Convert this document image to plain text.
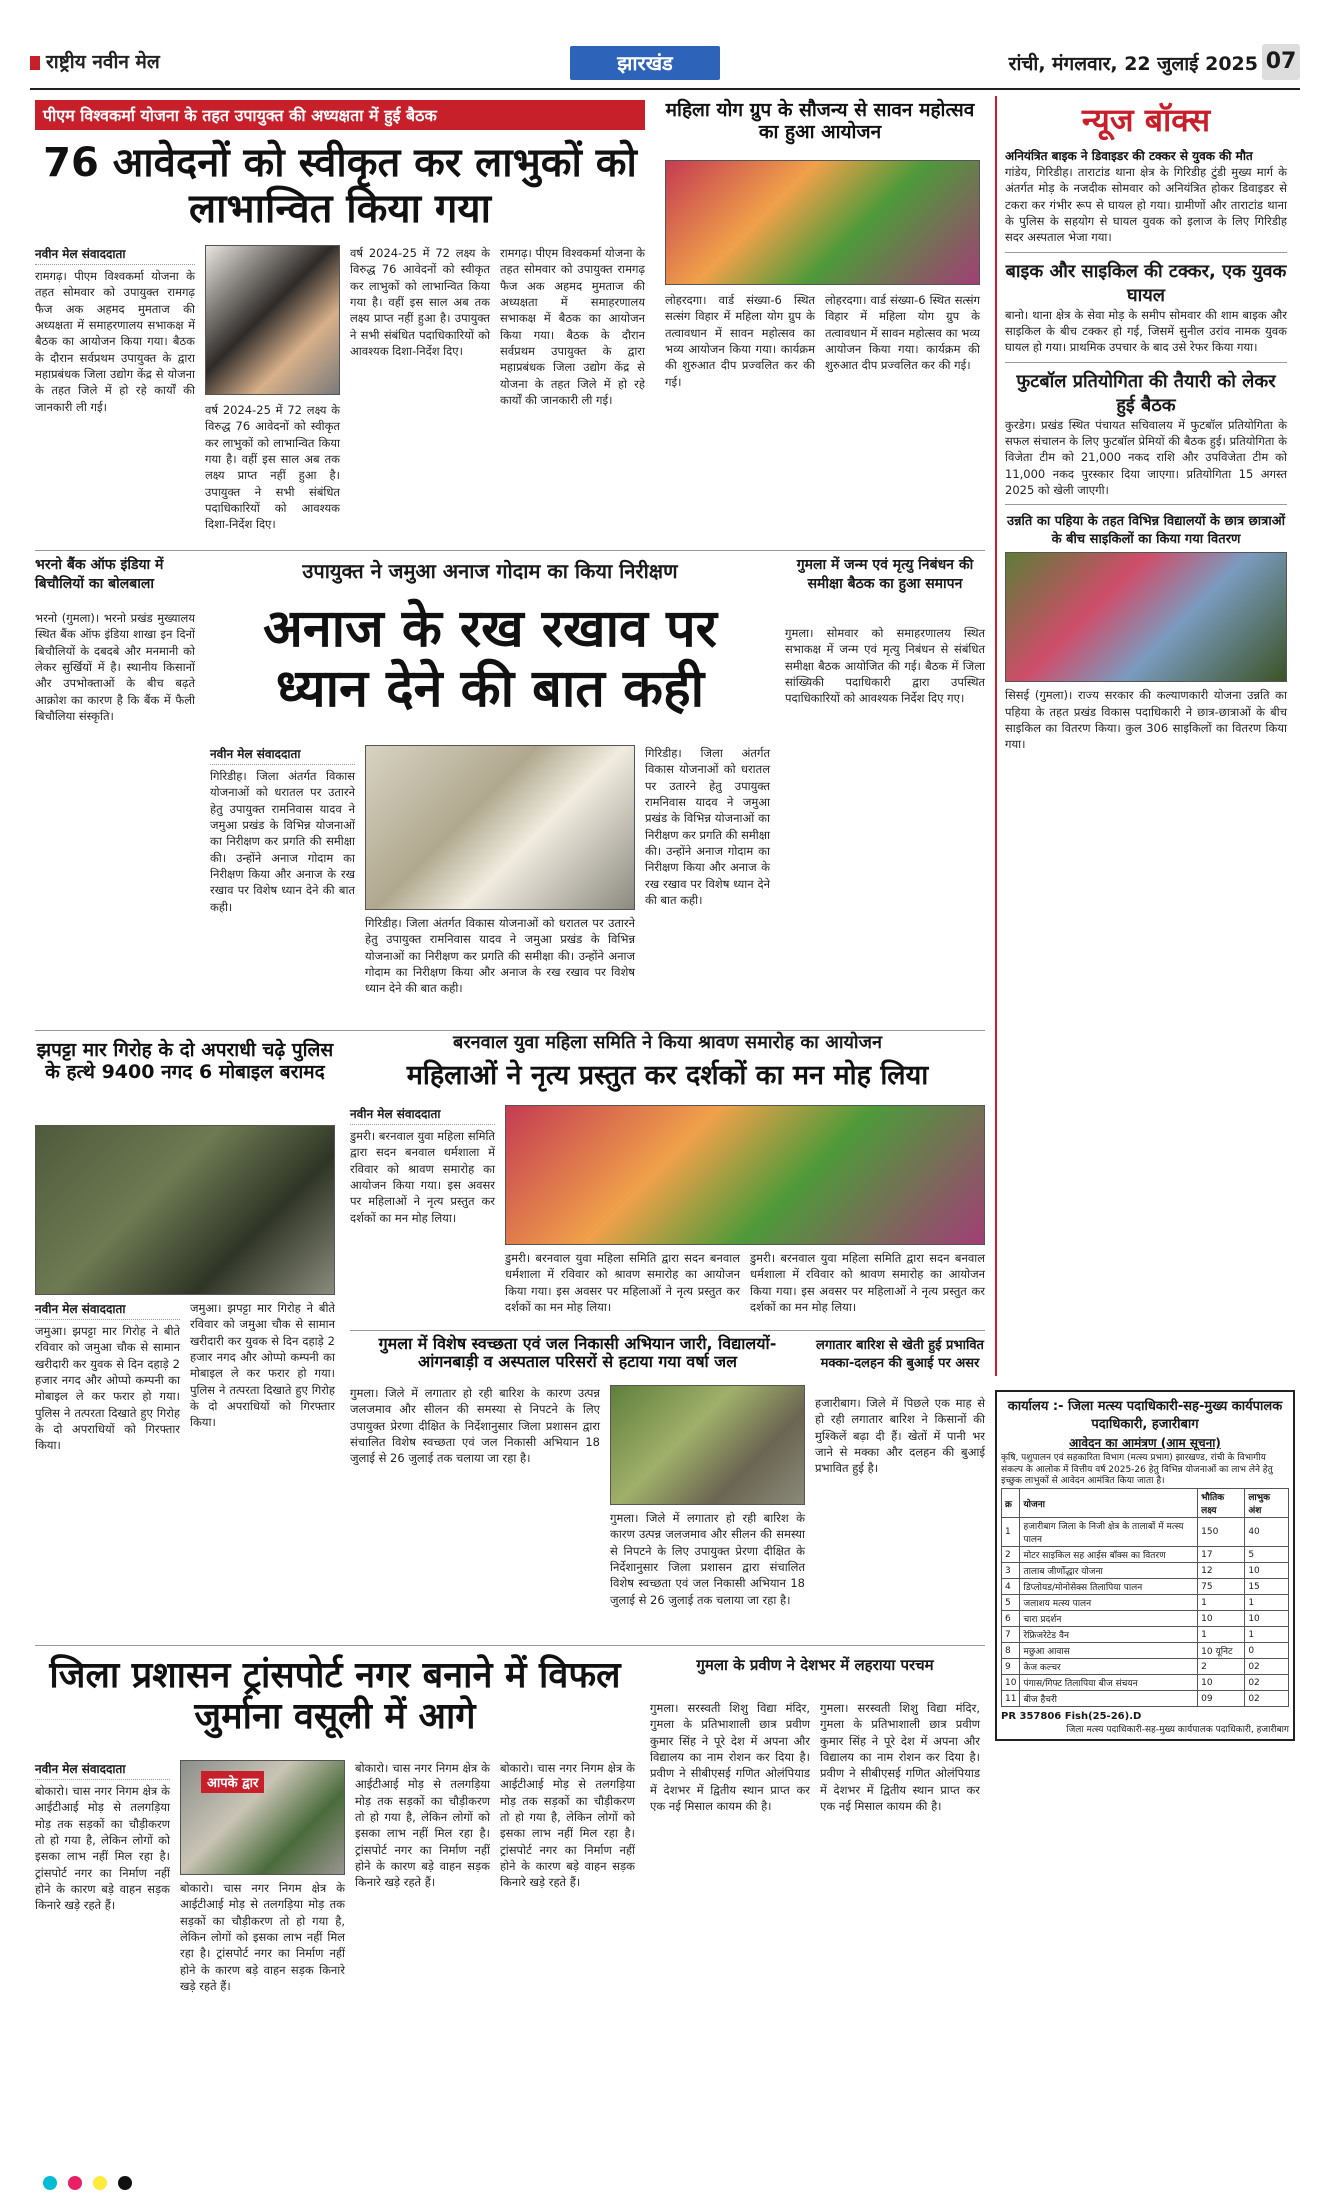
राष्ट्रीय नवीन मेल	झारखंड	रांची, मंगलवार, 22 जुलाई 2025 07
पीएम विश्वकर्मा योजना के तहत उपायुक्त की अध्यक्षता में हुई बैठक
76 आवेदनों को स्वीकृत कर लाभुकों को लाभान्वित किया गया
नवीन मेल संवाददाता
रामगढ़। पीएम विश्वकर्मा योजना के तहत सोमवार को उपायुक्त रामगढ़ फैज अक अहमद मुमताज की अध्यक्षता में समाहरणालय सभाकक्ष में बैठक का आयोजन किया गया। बैठक के दौरान सर्वप्रथम उपायुक्त के द्वारा महाप्रबंधक जिला उद्योग केंद्र से योजना के तहत जिले में हो रहे कार्यों की जानकारी ली गई।	वर्ष 2024-25 में 72 लक्ष्य के विरुद्ध 76 आवेदनों को स्वीकृत कर लाभुकों को लाभान्वित किया गया है। वहीं इस साल अब तक लक्ष्य प्राप्त नहीं हुआ है। उपायुक्त ने सभी संबंधित पदाधिकारियों को आवश्यक दिशा-निर्देश दिए।
वर्ष 2024-25 में 72 लक्ष्य के विरुद्ध 76 आवेदनों को स्वीकृत कर लाभुकों को लाभान्वित किया गया है। वहीं इस साल अब तक लक्ष्य प्राप्त नहीं हुआ है। उपायुक्त ने सभी संबंधित पदाधिकारियों को आवश्यक दिशा-निर्देश दिए।
रामगढ़। पीएम विश्वकर्मा योजना के तहत सोमवार को उपायुक्त रामगढ़ फैज अक अहमद मुमताज की अध्यक्षता में समाहरणालय सभाकक्ष में बैठक का आयोजन किया गया। बैठक के दौरान सर्वप्रथम उपायुक्त के द्वारा महाप्रबंधक जिला उद्योग केंद्र से योजना के तहत जिले में हो रहे कार्यों की जानकारी ली गई।
महिला योग ग्रुप के सौजन्य से सावन महोत्सव का हुआ आयोजन
लोहरदगा। वार्ड संख्या-6 स्थित सत्संग विहार में महिला योग ग्रुप के तत्वावधान में सावन महोत्सव का भव्य आयोजन किया गया। कार्यक्रम की शुरुआत दीप प्रज्वलित कर की गई।
लोहरदगा। वार्ड संख्या-6 स्थित सत्संग विहार में महिला योग ग्रुप के तत्वावधान में सावन महोत्सव का भव्य आयोजन किया गया। कार्यक्रम की शुरुआत दीप प्रज्वलित कर की गई।
न्यूज बॉक्स
अनियंत्रित बाइक ने डिवाइडर की टक्कर से युवक की मौत
गांडेय, गिरिडीह। ताराटांड थाना क्षेत्र के गिरिडीह टुंडी मुख्य मार्ग के अंतर्गत मोड़ के नजदीक सोमवार को अनियंत्रित होकर डिवाइडर से टकरा कर गंभीर रूप से घायल हो गया। ग्रामीणों और ताराटांड थाना के पुलिस के सहयोग से घायल युवक को इलाज के लिए गिरिडीह सदर अस्पताल भेजा गया।
बाइक और साइकिल की टक्कर, एक युवक घायल
बानो। थाना क्षेत्र के सेवा मोड़ के समीप सोमवार की शाम बाइक और साइकिल के बीच टक्कर हो गई, जिसमें सुनील उरांव नामक युवक घायल हो गया। प्राथमिक उपचार के बाद उसे रेफर किया गया।
फुटबॉल प्रतियोगिता की तैयारी को लेकर हुई बैठक
कुरडेग। प्रखंड स्थित पंचायत सचिवालय में फुटबॉल प्रतियोगिता के सफल संचालन के लिए फुटबॉल प्रेमियों की बैठक हुई। प्रतियोगिता के विजेता टीम को 21,000 नकद राशि और उपविजेता टीम को 11,000 नकद पुरस्कार दिया जाएगा। प्रतियोगिता 15 अगस्त 2025 को खेली जाएगी।
उन्नति का पहिया के तहत विभिन्न विद्यालयों के छात्र छात्राओं के बीच साइकिलों का किया गया वितरण
सिसई (गुमला)। राज्य सरकार की कल्याणकारी योजना उन्नति का पहिया के तहत प्रखंड विकास पदाधिकारी ने छात्र-छात्राओं के बीच साइकिल का वितरण किया। कुल 306 साइकिलों का वितरण किया गया।
भरनो बैंक ऑफ इंडिया में बिचौलियों का बोलबाला
भरनो (गुमला)। भरनो प्रखंड मुख्यालय स्थित बैंक ऑफ इंडिया शाखा इन दिनों बिचौलियों के दबदबे और मनमानी को लेकर सुर्खियों में है। स्थानीय किसानों और उपभोक्ताओं के बीच बढ़ते आक्रोश का कारण है कि बैंक में फैली बिचौलिया संस्कृति।
उपायुक्त ने जमुआ अनाज गोदाम का किया निरीक्षण
अनाज के रख रखाव पर ध्यान देने की बात कही
नवीन मेल संवाददाता
गिरिडीह। जिला अंतर्गत विकास योजनाओं को धरातल पर उतारने हेतु उपायुक्त रामनिवास यादव ने जमुआ प्रखंड के विभिन्न योजनाओं का निरीक्षण कर प्रगति की समीक्षा की। उन्होंने अनाज गोदाम का निरीक्षण किया और अनाज के रख रखाव पर विशेष ध्यान देने की बात कही।
गिरिडीह। जिला अंतर्गत विकास योजनाओं को धरातल पर उतारने हेतु उपायुक्त रामनिवास यादव ने जमुआ प्रखंड के विभिन्न योजनाओं का निरीक्षण कर प्रगति की समीक्षा की। उन्होंने अनाज गोदाम का निरीक्षण किया और अनाज के रख रखाव पर विशेष ध्यान देने की बात कही।
गिरिडीह। जिला अंतर्गत विकास योजनाओं को धरातल पर उतारने हेतु उपायुक्त रामनिवास यादव ने जमुआ प्रखंड के विभिन्न योजनाओं का निरीक्षण कर प्रगति की समीक्षा की। उन्होंने अनाज गोदाम का निरीक्षण किया और अनाज के रख रखाव पर विशेष ध्यान देने की बात कही।
गुमला में जन्म एवं मृत्यु निबंधन की समीक्षा बैठक का हुआ समापन
गुमला। सोमवार को समाहरणालय स्थित सभाकक्ष में जन्म एवं मृत्यु निबंधन से संबंधित समीक्षा बैठक आयोजित की गई। बैठक में जिला सांख्यिकी पदाधिकारी द्वारा उपस्थित पदाधिकारियों को आवश्यक निर्देश दिए गए।
झपट्टा मार गिरोह के दो अपराधी चढ़े पुलिस के हत्थे 9400 नगद 6 मोबाइल बरामद
नवीन मेल संवाददाता
जमुआ। झपट्टा मार गिरोह ने बीते रविवार को जमुआ चौक से सामान खरीदारी कर युवक से दिन दहाड़े 2 हजार नगद और ओप्पो कम्पनी का मोबाइल ले कर फरार हो गया। पुलिस ने तत्परता दिखाते हुए गिरोह के दो अपराधियों को गिरफ्तार किया।
जमुआ। झपट्टा मार गिरोह ने बीते रविवार को जमुआ चौक से सामान खरीदारी कर युवक से दिन दहाड़े 2 हजार नगद और ओप्पो कम्पनी का मोबाइल ले कर फरार हो गया। पुलिस ने तत्परता दिखाते हुए गिरोह के दो अपराधियों को गिरफ्तार किया।
बरनवाल युवा महिला समिति ने किया श्रावण समारोह का आयोजन
महिलाओं ने नृत्य प्रस्तुत कर दर्शकों का मन मोह लिया
नवीन मेल संवाददाता
डुमरी। बरनवाल युवा महिला समिति द्वारा सदन बनवाल धर्मशाला में रविवार को श्रावण समारोह का आयोजन किया गया। इस अवसर पर महिलाओं ने नृत्य प्रस्तुत कर दर्शकों का मन मोह लिया।
डुमरी। बरनवाल युवा महिला समिति द्वारा सदन बनवाल धर्मशाला में रविवार को श्रावण समारोह का आयोजन किया गया। इस अवसर पर महिलाओं ने नृत्य प्रस्तुत कर दर्शकों का मन मोह लिया।
डुमरी। बरनवाल युवा महिला समिति द्वारा सदन बनवाल धर्मशाला में रविवार को श्रावण समारोह का आयोजन किया गया। इस अवसर पर महिलाओं ने नृत्य प्रस्तुत कर दर्शकों का मन मोह लिया।
गुमला में विशेष स्वच्छता एवं जल निकासी अभियान जारी, विद्यालयों-आंगनबाड़ी व अस्पताल परिसरों से हटाया गया वर्षा जल
गुमला। जिले में लगातार हो रही बारिश के कारण उत्पन्न जलजमाव और सीलन की समस्या से निपटने के लिए उपायुक्त प्रेरणा दीक्षित के निर्देशानुसार जिला प्रशासन द्वारा संचालित विशेष स्वच्छता एवं जल निकासी अभियान 18 जुलाई से 26 जुलाई तक चलाया जा रहा है।
गुमला। जिले में लगातार हो रही बारिश के कारण उत्पन्न जलजमाव और सीलन की समस्या से निपटने के लिए उपायुक्त प्रेरणा दीक्षित के निर्देशानुसार जिला प्रशासन द्वारा संचालित विशेष स्वच्छता एवं जल निकासी अभियान 18 जुलाई से 26 जुलाई तक चलाया जा रहा है।
लगातार बारिश से खेती हुई प्रभावित मक्का-दलहन की बुआई पर असर
हजारीबाग। जिले में पिछले एक माह से हो रही लगातार बारिश ने किसानों की मुश्किलें बढ़ा दी हैं। खेतों में पानी भर जाने से मक्का और दलहन की बुआई प्रभावित हुई है।
कार्यालय :- जिला मत्स्य पदाधिकारी-सह-मुख्य कार्यपालक पदाधिकारी, हजारीबाग
आवेदन का आमंत्रण (आम सूचना)
कृषि, पशुपालन एवं सहकारिता विभाग (मत्स्य प्रभाग) झारखण्ड, रांची के विभागीय संकल्प के आलोक में वित्तीय वर्ष 2025-26 हेतु विभिन्न योजनाओं का लाभ लेने हेतु इच्छुक लाभुकों से आवेदन आमंत्रित किया जाता है।
क्र	योजना	भौतिक लक्ष्य	लाभुक अंश
1	हजारीबाग जिला के निजी क्षेत्र के तालाबों में मत्स्य पालन	150	40
2	मोटर साइकिल सह आईस बॉक्स का वितरण	17	5
3	तालाब जीर्णोद्धार योजना	12	10
4	डिप्लोयड/मोनोसेक्स तिलापिया पालन	75	15
5	जलाशय मत्स्य पालन	1	1
6	चारा प्रदर्शन	10	10
7	रेफ्रिजरेटेड वैन	1	1
8	मछुआ आवास	10 यूनिट	0
9	केज कल्चर	2	02
10	पंगास/गिफ्ट तिलापिया बीज संचयन	10	02
11	बीज हैचरी	09	02
PR 357806 Fish(25-26).D
जिला मत्स्य पदाधिकारी-सह-मुख्य कार्यपालक पदाधिकारी, हजारीबाग
जिला प्रशासन ट्रांसपोर्ट नगर बनाने में विफल जुर्माना वसूली में आगे
नवीन मेल संवाददाता
बोकारो। चास नगर निगम क्षेत्र के आईटीआई मोड़ से तलगड़िया मोड़ तक सड़कों का चौड़ीकरण तो हो गया है, लेकिन लोगों को इसका लाभ नहीं मिल रहा है। ट्रांसपोर्ट नगर का निर्माण नहीं होने के कारण बड़े वाहन सड़क किनारे खड़े रहते हैं।
आपके द्वार
बोकारो। चास नगर निगम क्षेत्र के आईटीआई मोड़ से तलगड़िया मोड़ तक सड़कों का चौड़ीकरण तो हो गया है, लेकिन लोगों को इसका लाभ नहीं मिल रहा है। ट्रांसपोर्ट नगर का निर्माण नहीं होने के कारण बड़े वाहन सड़क किनारे खड़े रहते हैं।
बोकारो। चास नगर निगम क्षेत्र के आईटीआई मोड़ से तलगड़िया मोड़ तक सड़कों का चौड़ीकरण तो हो गया है, लेकिन लोगों को इसका लाभ नहीं मिल रहा है। ट्रांसपोर्ट नगर का निर्माण नहीं होने के कारण बड़े वाहन सड़क किनारे खड़े रहते हैं।
बोकारो। चास नगर निगम क्षेत्र के आईटीआई मोड़ से तलगड़िया मोड़ तक सड़कों का चौड़ीकरण तो हो गया है, लेकिन लोगों को इसका लाभ नहीं मिल रहा है। ट्रांसपोर्ट नगर का निर्माण नहीं होने के कारण बड़े वाहन सड़क किनारे खड़े रहते हैं।
गुमला के प्रवीण ने देशभर में लहराया परचम
गुमला। सरस्वती शिशु विद्या मंदिर, गुमला के प्रतिभाशाली छात्र प्रवीण कुमार सिंह ने पूरे देश में अपना और विद्यालय का नाम रोशन कर दिया है। प्रवीण ने सीबीएसई गणित ओलंपियाड में देशभर में द्वितीय स्थान प्राप्त कर एक नई मिसाल कायम की है।
गुमला। सरस्वती शिशु विद्या मंदिर, गुमला के प्रतिभाशाली छात्र प्रवीण कुमार सिंह ने पूरे देश में अपना और विद्यालय का नाम रोशन कर दिया है। प्रवीण ने सीबीएसई गणित ओलंपियाड में देशभर में द्वितीय स्थान प्राप्त कर एक नई मिसाल कायम की है।
